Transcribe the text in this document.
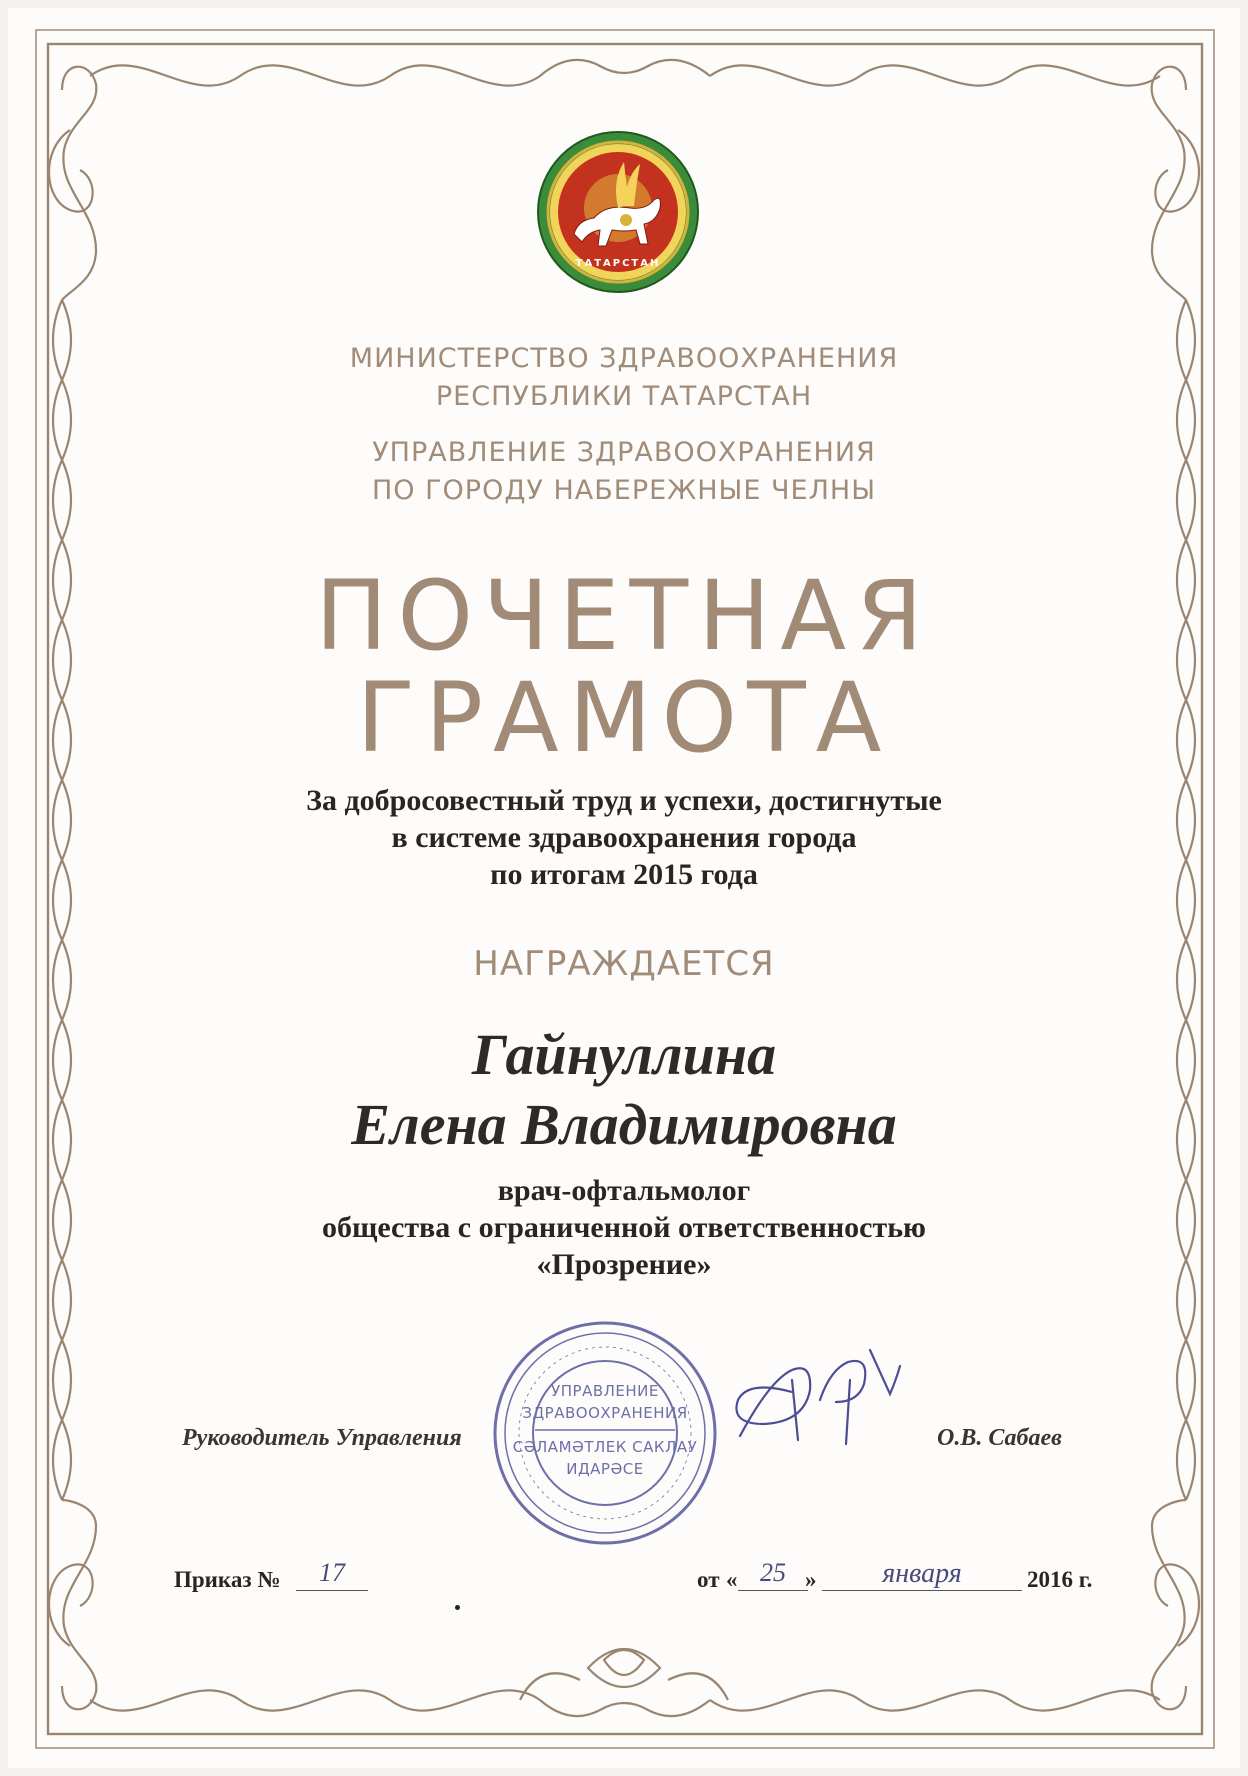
ТАТАРСТАН
МИНИСТЕРСТВО ЗДРАВООХРАНЕНИЯ
РЕСПУБЛИКИ ТАТАРСТАН
УПРАВЛЕНИЕ ЗДРАВООХРАНЕНИЯ
ПО ГОРОДУ НАБЕРЕЖНЫЕ ЧЕЛНЫ
ПОЧЕТНАЯ
ГРАМОТА
За добросовестный труд и успехи, достигнутые
в системе здравоохранения города
по итогам 2015 года
НАГРАЖДАЕТСЯ
Гайнуллина
Елена Владимировна
врач-офтальмолог
общества с ограниченной ответственностью
«Прозрение»
УПРАВЛЕНИЕ
ЗДРАВООХРАНЕНИЯ
СӘЛАМӘТЛЕК САКЛАУ
ИДАРӘСЕ
Руководитель Управления	О.В. Сабаев
Приказ №	17	от « 25 »	января	2016 г.
